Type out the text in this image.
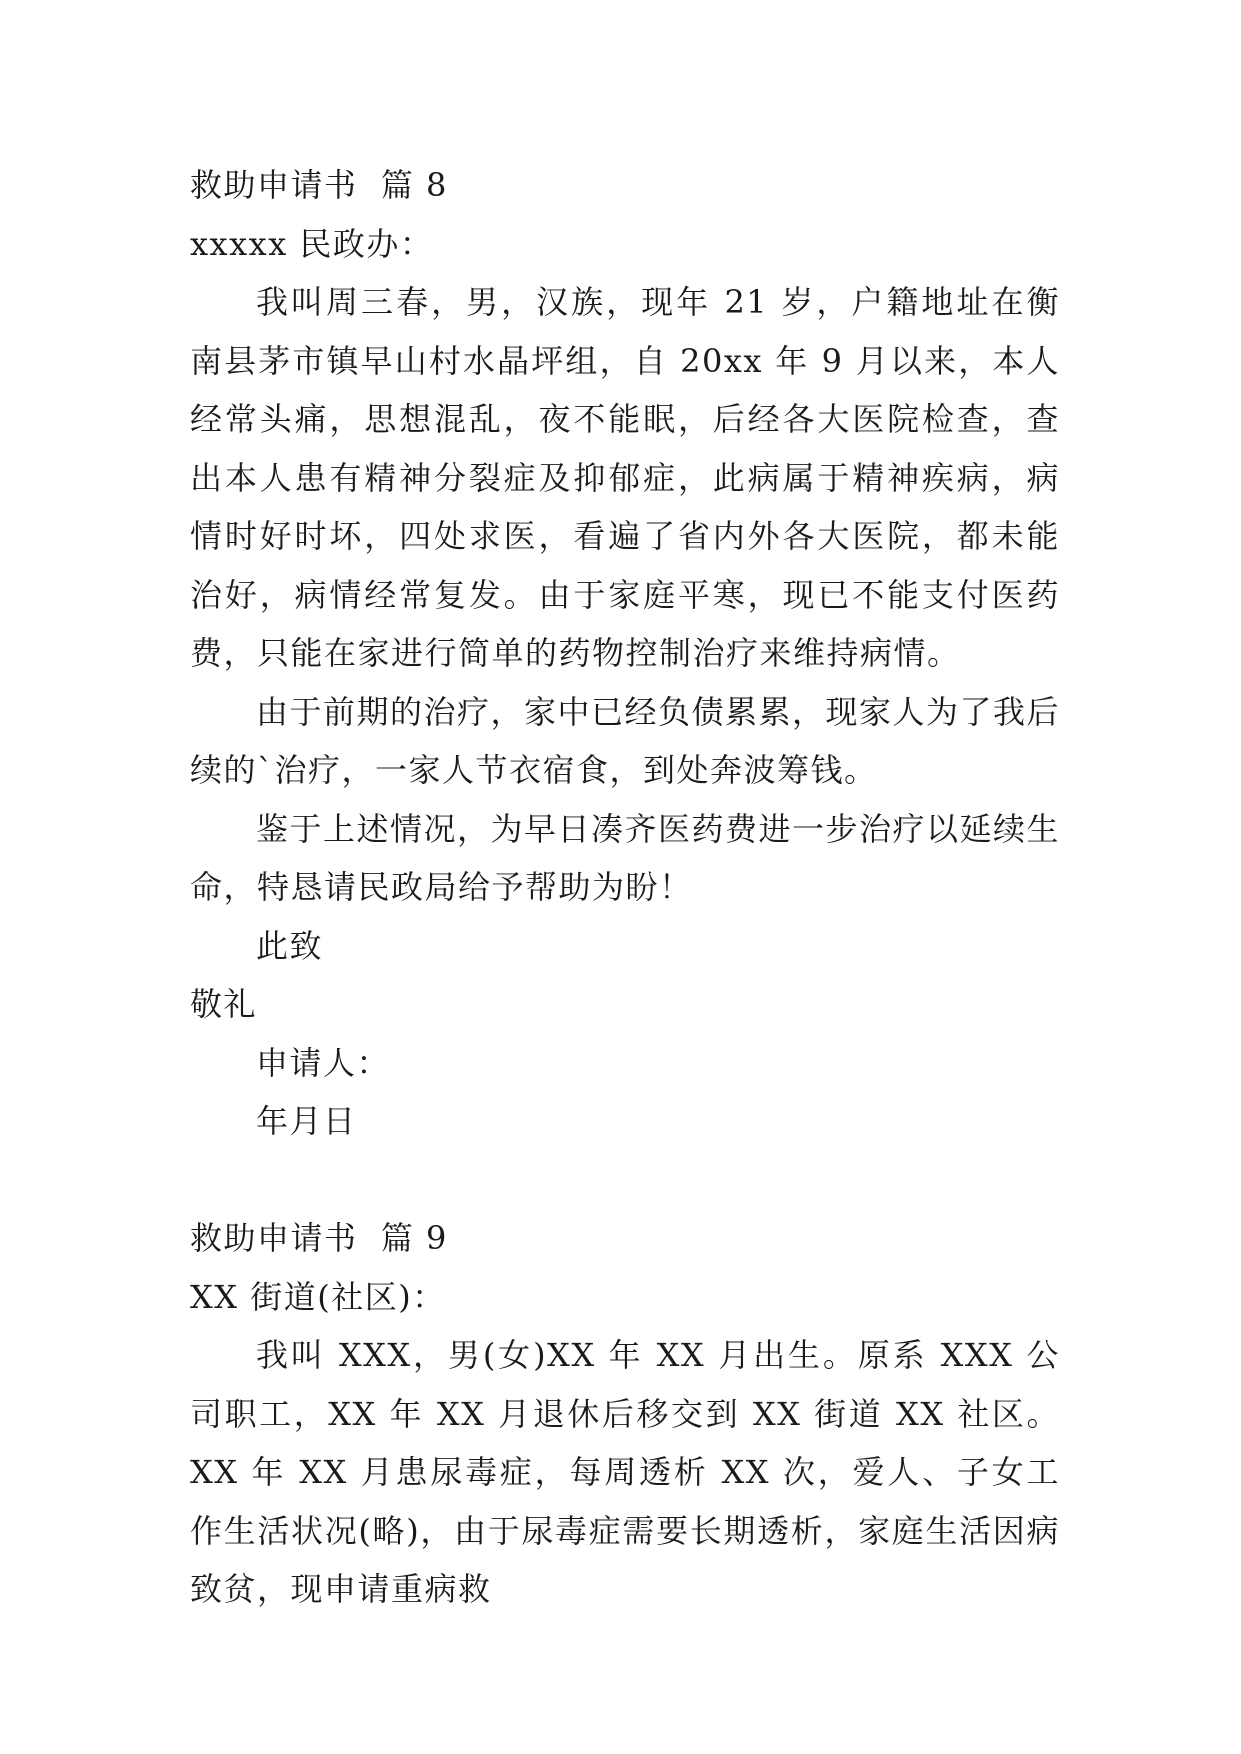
救助申请书  篇 8

xxxxx 民政办：

我叫周三春，男，汉族，现年 21 岁，户籍地址在衡南县茅市镇早山村水晶坪组，自 20xx 年 9 月以来，本人经常头痛，思想混乱，夜不能眠，后经各大医院检查，查出本人患有精神分裂症及抑郁症，此病属于精神疾病，病情时好时坏，四处求医，看遍了省内外各大医院，都未能治好，病情经常复发。由于家庭平寒，现已不能支付医药费，只能在家进行简单的药物控制治疗来维持病情。

由于前期的治疗，家中已经负债累累，现家人为了我后续的`治疗，一家人节衣宿食，到处奔波筹钱。

鉴于上述情况，为早日凑齐医药费进一步治疗以延续生命，特恳请民政局给予帮助为盼！

此致

敬礼

申请人：

年月日

救助申请书  篇 9

XX 街道(社区)：

我叫 XXX，男(女)XX 年 XX 月出生。原系 XXX 公司职工，XX 年 XX 月退休后移交到 XX 街道 XX 社区。XX 年 XX 月患尿毒症，每周透析 XX 次，爱人、子女工作生活状况(略)，由于尿毒症需要长期透析，家庭生活因病致贫，现申请重病救
